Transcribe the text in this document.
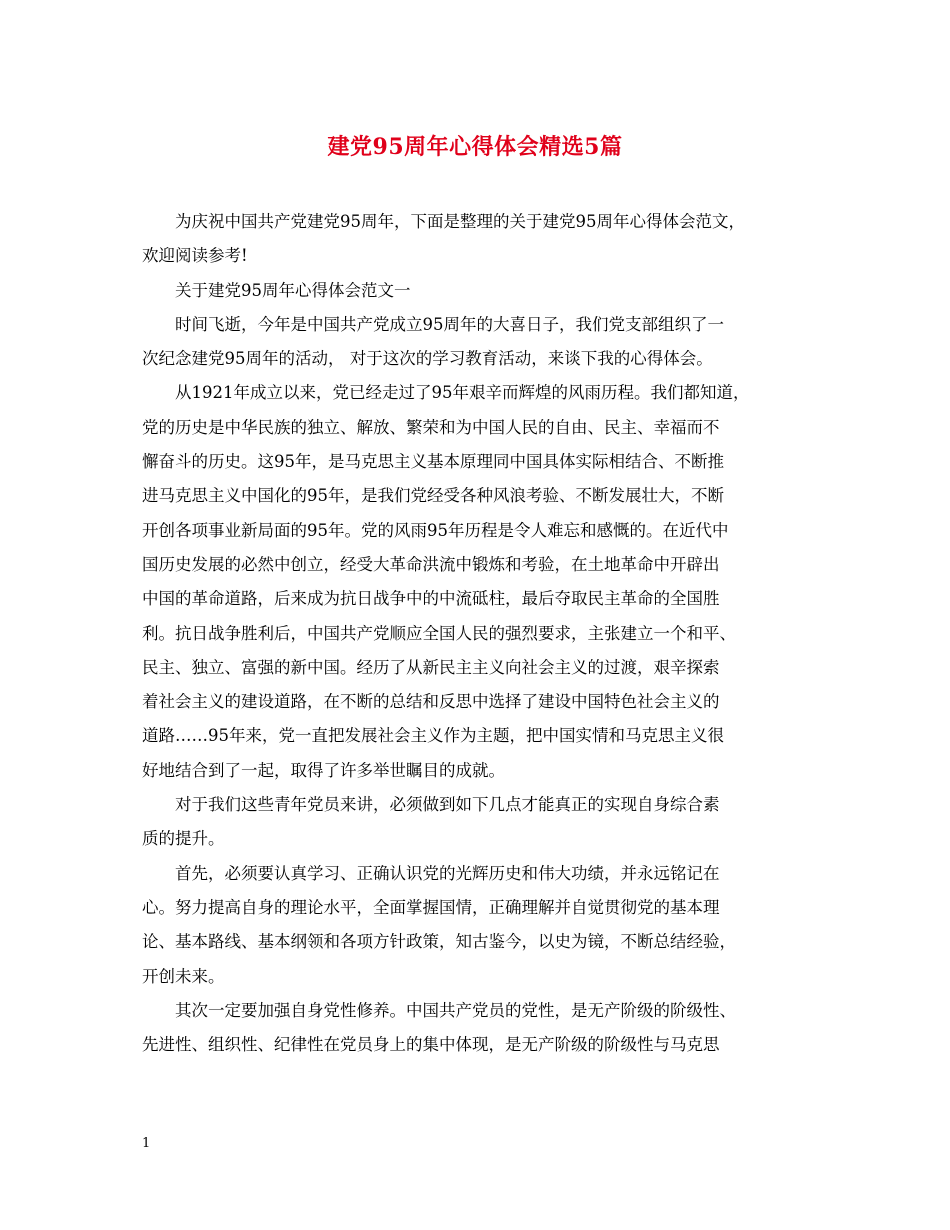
建党95周年心得体会精选5篇
为庆祝中国共产党建党95周年，下面是整理的关于建党95周年心得体会范文，
欢迎阅读参考!
关于建党95周年心得体会范文一
时间飞逝，今年是中国共产党成立95周年的大喜日子，我们党支部组织了一
次纪念建党95周年的活动， 对于这次的学习教育活动，来谈下我的心得体会。
从1921年成立以来，党已经走过了95年艰辛而辉煌的风雨历程。我们都知道，
党的历史是中华民族的独立、解放、繁荣和为中国人民的自由、民主、幸福而不
懈奋斗的历史。这95年，是马克思主义基本原理同中国具体实际相结合、不断推
进马克思主义中国化的95年，是我们党经受各种风浪考验、不断发展壮大，不断
开创各项事业新局面的95年。党的风雨95年历程是令人难忘和感慨的。在近代中
国历史发展的必然中创立，经受大革命洪流中锻炼和考验，在土地革命中开辟出
中国的革命道路，后来成为抗日战争中的中流砥柱，最后夺取民主革命的全国胜
利。抗日战争胜利后，中国共产党顺应全国人民的强烈要求，主张建立一个和平、
民主、独立、富强的新中国。经历了从新民主主义向社会主义的过渡，艰辛探索
着社会主义的建设道路，在不断的总结和反思中选择了建设中国特色社会主义的
道路……95年来，党一直把发展社会主义作为主题，把中国实情和马克思主义很
好地结合到了一起，取得了许多举世瞩目的成就。
对于我们这些青年党员来讲，必须做到如下几点才能真正的实现自身综合素
质的提升。
首先，必须要认真学习、正确认识党的光辉历史和伟大功绩，并永远铭记在
心。努力提高自身的理论水平，全面掌握国情，正确理解并自觉贯彻党的基本理
论、基本路线、基本纲领和各项方针政策，知古鉴今，以史为镜，不断总结经验，
开创未来。
其次一定要加强自身党性修养。中国共产党员的党性，是无产阶级的阶级性、
先进性、组织性、纪律性在党员身上的集中体现，是无产阶级的阶级性与马克思
1
